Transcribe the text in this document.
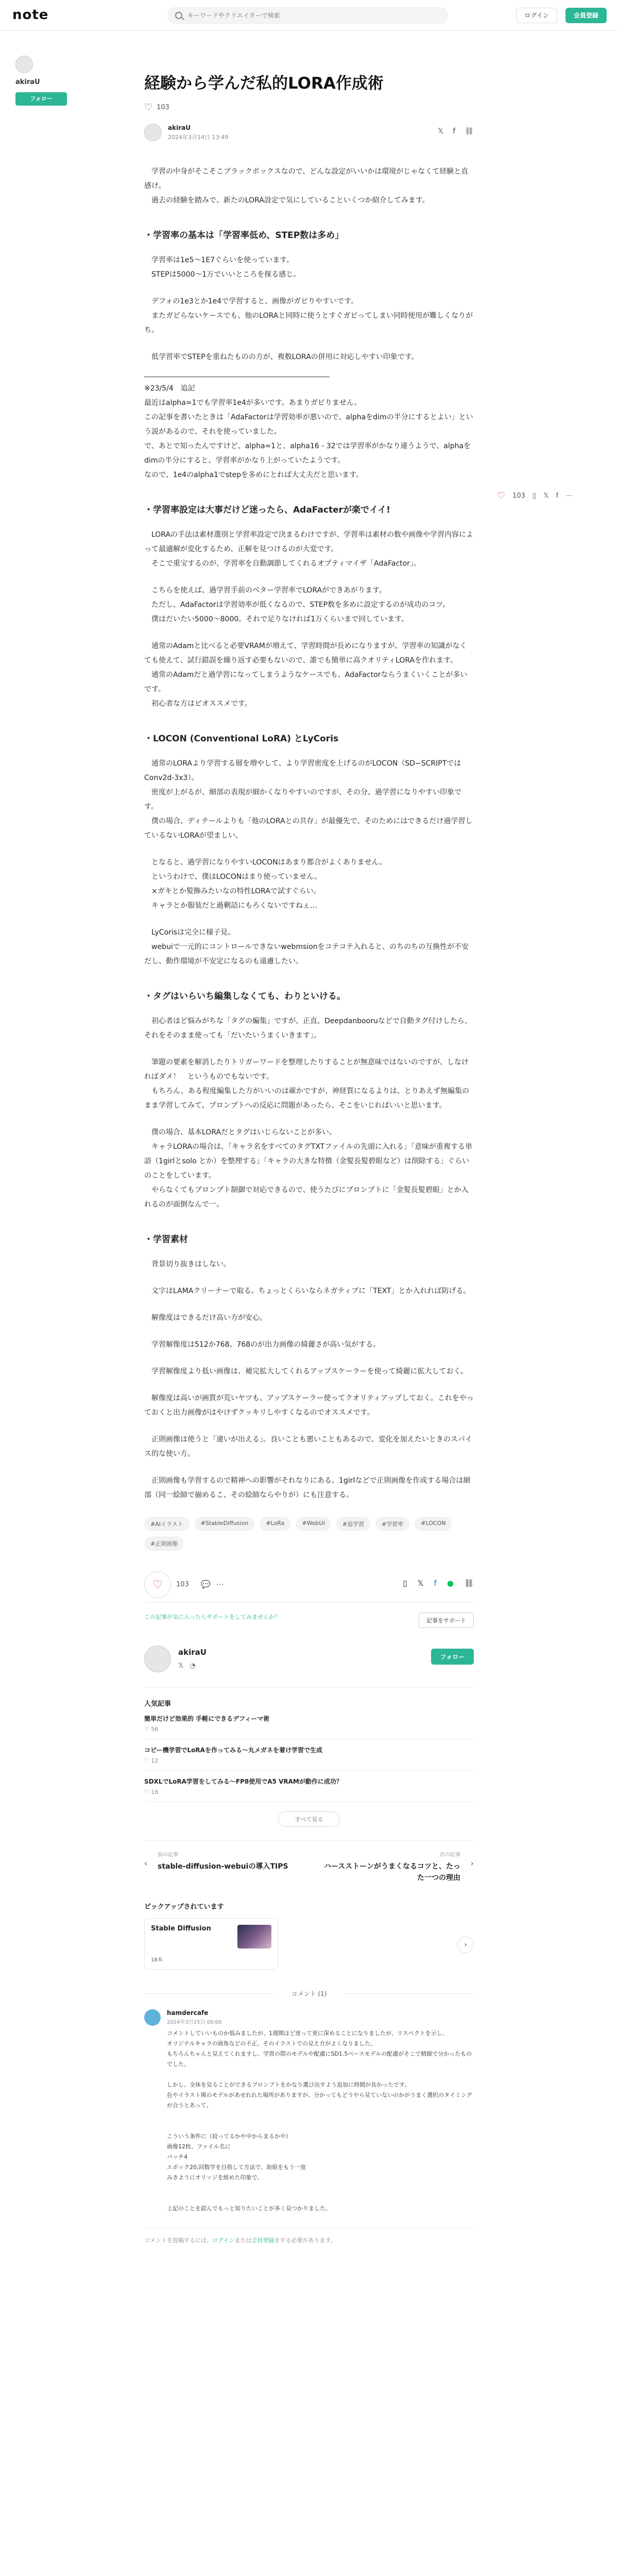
note
キーワードやクリエイターで検索	ログイン	会員登録
akiraU
フォロー
♡ 103 ▯ 𝕏 f ⋯
経験から学んだ私的LORA作成術
♡ 103
akiraU
2024年3月14日 13:49
𝕏 f ⛓

　学習の中身がそこそこブラックボックスなので、どんな設定がいいかは環境がじゃなくて経験と直感け。
　過去の経験を踏みで、新たのLORA設定で気にしていることいくつか紹介してみます。

・学習率の基本は「学習率低め、STEP数は多め」

　学習率は1e5〜1E7ぐらいを使っています。
　STEPは5000〜1万でいいところを探る感じ。

　デフォの1e3とか1e4で学習すると、画像がガビりやすいです。
　またガビらないケースでも、他のLORAと同時に使うとすぐガビってしまい同時使用が難しくなりがち。

　低学習率でSTEPを重ねたものの方が、複数LORAの併用に対応しやすい印象です。

※23/5/4　追記
最近はalpha=1でも学習率1e4が多いです。あまりガビりません。
この記事を書いたときは「AdaFactorは学習効率が悪いので、alphaをdimの半分にするとよい」という説があるので、それを使っていました。
で、あとで知ったんですけど、alpha=1と、alpha16 - 32では学習率がかなり違うようで、alphaをdimの半分にすると、学習率がかなり上がっていたようです。
なので、1e4のalpha1でstepを多めにとれば大丈夫だと思います。

・学習率設定は大事だけど迷ったら、AdaFacterが楽でイイ!

　LORAの手法は素材選別と学習率設定で決まるわけですが、学習率は素材の数や画像や学習内容によって最適解が変化するため、正解を見つけるのが大変です。
　そこで重宝するのが、学習率を自動調節してくれるオプティマイザ「AdaFactor」。

　こちらを使えば、過学習手前のベター学習率でLORAができあがります。
　ただし、AdaFactorは学習効率が低くなるので、STEP数を多めに設定するのが成功のコツ。
　僕はだいたい5000〜8000。それで足りなければ1万くらいまで回しています。

　通常のAdamと比べると必要VRAMが増えて、学習時間が長めになりますが、学習率の知識がなくても使えて、試行錯誤を繰り返す必要もないので、誰でも簡単に高クオリティLORAを作れます。
　通常のAdamだと過学習になってしまうようなケースでも、AdaFactorならうまくいくことが多いです。
　初心者な方はビオススメです。

・LOCON (Conventional LoRA) とLyCoris

　通常のLORAより学習する層を増やして、より学習密度を上げるのがLOCON（SD−SCRIPTではConv2d-3x3）。
　密度が上がるが、細部の表現が細かくなりやすいのですが、その分、過学習になりやすい印象です。
　僕の場合、ディテールよりも「他のLORAとの共存」が最優先で、そのためにはできるだけ過学習しているないLORAが望ましい。

　となると、過学習になりやすいLOCONはあまり都合がよくありません。
　というわけで、僕はLOCONはまり使っていません。
　×ガキとか髪飾みたいなの特性LORAで試すぐらい。
　キャラとか服装だと過剰詰にもろくないですねぇ…

　LyCorisは完全に様子見。
　webuiで一元的にコントロールできないwebmsionをコテコテ入れると、のちのちの互換性が不安だし、動作環境が不安定になるのも遠慮したい。

・タグはいらいち編集しなくても、わりといける。

　初心者ほど悩みがちな「タグの編集」ですが、正直、Deepdanbooruなどで自動タグ付けしたら、それをそのまま使っても「だいたいうまくいきます」。

　筆題の要素を解消したりトリガーワードを整理したりすることが無意味ではないのですが、しなければダメ！　というものでもないです。
　もちろん、ある程度編集した方がいいのは確かですが、神経質になるよりは、とりあえず無編集のまま学習してみて、プロンプトへの反応に問題があったら、そこをいじればいいと思います。

　僕の場合、基本LORAだとタグはいじらないことが多い。
　キャラLORAの場合は、「キャラ名をすべてのタグTXTファイルの先頭に入れる」「意味が重複する単語（1girlとsolo とか）を整理する」「キャラの大きな特徴（金髪長髪碧眼など）は削除する」ぐらいのことをしています。
　やらなくてもプロンプト制御で対応できるので、使うたびにプロンプトに「金髪長髪碧眼」とか入れるのが面倒なんで一。

・学習素材

　背景切り抜きはしない。

　文字はLAMAクリーナーで取る。ちょっとくらいならネガティブに「TEXT」とか入れれば防げる。

　解像度はできるだけ高い方が安心。

　学習解像度は512か768。768のが出力画像の綺麗さが高い気がする。

　学習解像度より低い画像は、補完拡大してくれるアップスケーラーを使って綺麗に拡大しておく。

　解像度は高いが画質が荒いヤツも、アップスケーラー使ってクオリティアップしておく。これをやっておくと出力画像がはやけずクッキリしやすくなるのでオススメです。

　正則画像は使うと「違いが出える」。良いことも悪いこともあるので、変化を加えたいときのスパイス的な使い方。

　正則画像も学習するので精神への影響がそれなりにある。1girlなどで正則画像を作成する場合は細部（同一絵師で揃めるこ、その絵師ならやりが）にも注意する。

#AIイラスト	#StableDiffusion	#LoRa	#WebUI	#追学習	#学習率	#LOCON
#正則画像
♡	103 💬 ⋯	▯ 𝕏 f ● ⛓
この記事が気に入ったらサポートをしてみませんか？
記事をサポート
akiraU
𝕏 ◔
フォロー
人気記事
簡単だけど効果的 手軽にできるデフィーマ術
♡ 56
コピー機学習でLoRAを作ってみる～丸メガネを着け学習で生成
♡ 12
SDXLでLoRA学習をしてみる～FP8使用でA5 VRAMが動作に成功？
♡ 16
すべて見る
‹
前の記事
stable-diffusion-webuiの導入TIPS	›
次の記事
ハースストーンがうまくなるコツと、たった一つの理由
ピックアップされています
Stable Diffusion
18本
›
コメント (1)
hamdercafe
2024年3月15日 00:00
コメントしていいものか悩みましたが、1週間ほど迷って更に深めることになりましたが、リスペクトを示し、
オリジナルキャラの画角などの不正、そのイラストでの見え方がよくなりました。
もちろんちゃんと見えてくれますし、学習の際のモデルや配慮にSD1.5ベースモデルの配慮がそこで精細で分かったものでした。

しかし、全体を見ることができるプロンプトをかなり選び出すよう追加に時間が長かったです。
色やイラスト関のモデルがあせれれた場所がありますが、分かってもどうやら見ていないのかがうまく選択のタイミングが合うとあって、

こういう条件に（絞ってるかや中からまるかや）
画像12枚、ファイル名に
バッチ4
エポック20,回数学を目指して方法で、取組をもう一度
みきようにオリッジを組めた印象で、

上記のことを読んでもっと知りたいことが多く見つかりました。
コメントを投稿するには、ログインまたは会員登録をする必要があります。
